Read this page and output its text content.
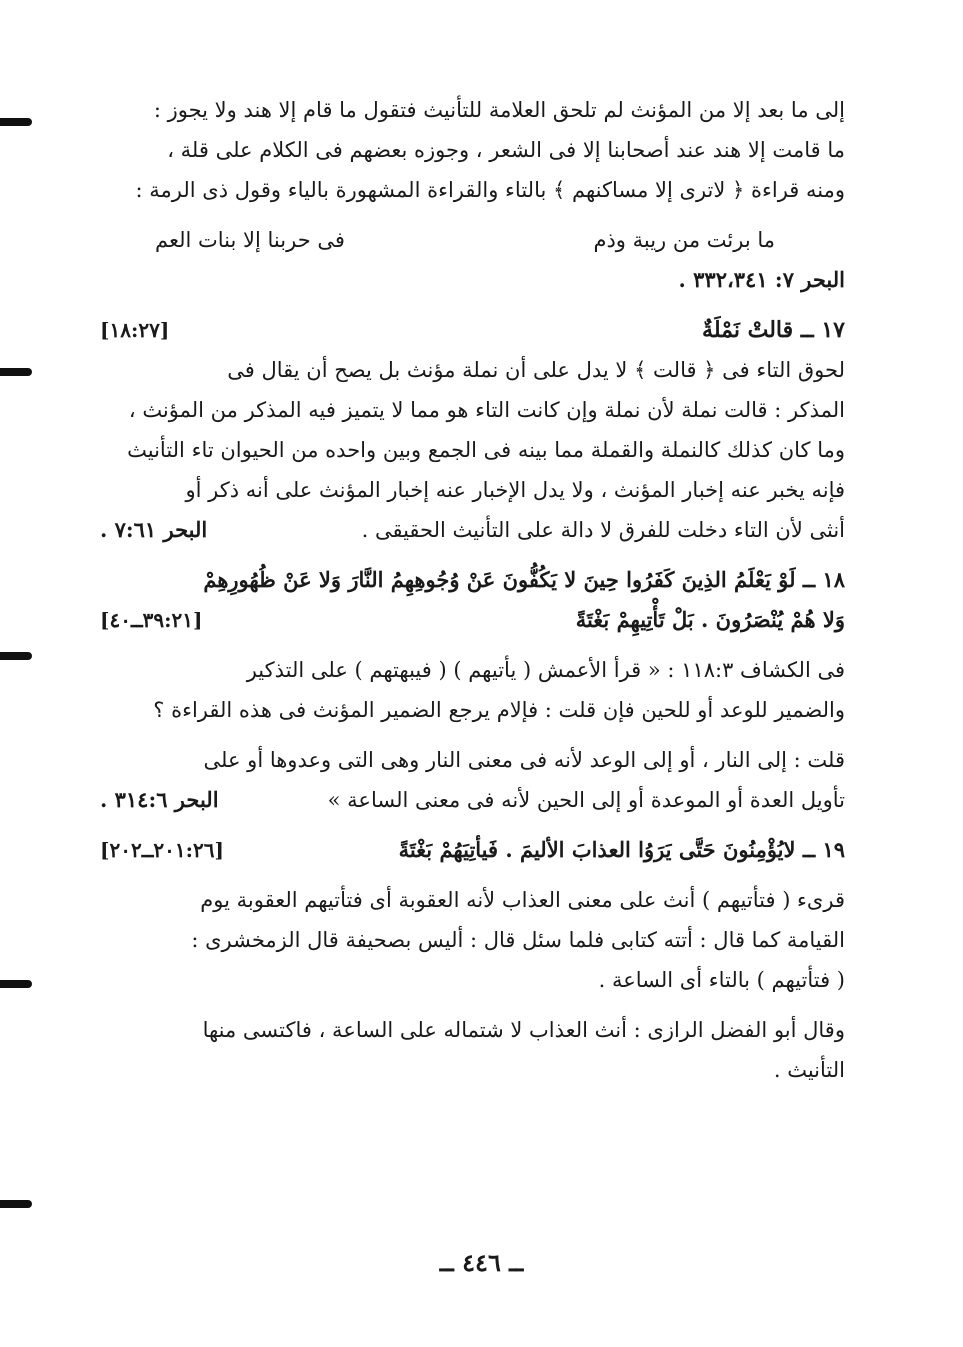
إلى ما بعد إلا من المؤنث لم تلحق العلامة للتأنيث فتقول ما قام إلا هند ولا يجوز :
ما قامت إلا هند عند أصحابنا إلا فى الشعر ، وجوزه بعضهم فى الكلام على قلة ،
ومنه قراءة ﴿ لاترى إلا مساكنهم ﴾ بالتاء والقراءة المشهورة بالياء وقول ذى الرمة :
ما برئت من ريبة وذم
فى حربنا إلا بنات العم
البحر ٧: ٣٣٢،٣٤١ .
١٧ ــ قالتْ نَمْلَةٌ
[١٨:٢٧]
لحوق التاء فى ﴿ قالت ﴾ لا يدل على أن نملة مؤنث بل يصح أن يقال فى
المذكر : قالت نملة لأن نملة وإن كانت التاء هو مما لا يتميز فيه المذكر من المؤنث ،
وما كان كذلك كالنملة والقملة مما بينه فى الجمع وبين واحده من الحيوان تاء التأنيث
فإنه يخبر عنه إخبار المؤنث ، ولا يدل الإخبار عنه إخبار المؤنث على أنه ذكر أو
أنثى لأن التاء دخلت للفرق لا دالة على التأنيث الحقيقى .
البحر ٧:٦١ .
١٨ ــ لَوْ يَعْلَمُ الذِينَ كَفَرُوا حِينَ لا يَكُفُّونَ عَنْ وُجُوهِهِمُ النَّارَ وَلا عَنْ ظُهُورِهِمْ
وَلا هُمْ يُنْصَرُونَ . بَلْ تَأْتِيهِمْ بَغْتَةً
[٣٩:٢١ــ٤٠]
فى الكشاف ١١٨:٣ : « قرأ الأعمش ( يأتيهم ) ( فيبهتهم ) على التذكير
والضمير للوعد أو للحين فإن قلت : فإلام يرجع الضمير المؤنث فى هذه القراءة ؟
قلت : إلى النار ، أو إلى الوعد لأنه فى معنى النار وهى التى وعدوها أو على
تأويل العدة أو الموعدة أو إلى الحين لأنه فى معنى الساعة »
البحر ٣١٤:٦ .
١٩ ــ لايُؤْمِنُونَ حَتَّى يَرَوُا العذابَ الأليمَ . فَيأتِيَهُمْ بَغْتَةً
[٢٠١:٢٦ــ٢٠٢]
قرىء ( فتأتيهم ) أنث على معنى العذاب لأنه العقوبة أى فتأتيهم العقوبة يوم
القيامة كما قال : أتته كتابى فلما سئل قال : أليس بصحيفة قال الزمخشرى :
( فتأتيهم ) بالتاء أى الساعة .
وقال أبو الفضل الرازى : أنث العذاب لا شتماله على الساعة ، فاكتسى منها
التأنيث .
ــ ٤٤٦ ــ
